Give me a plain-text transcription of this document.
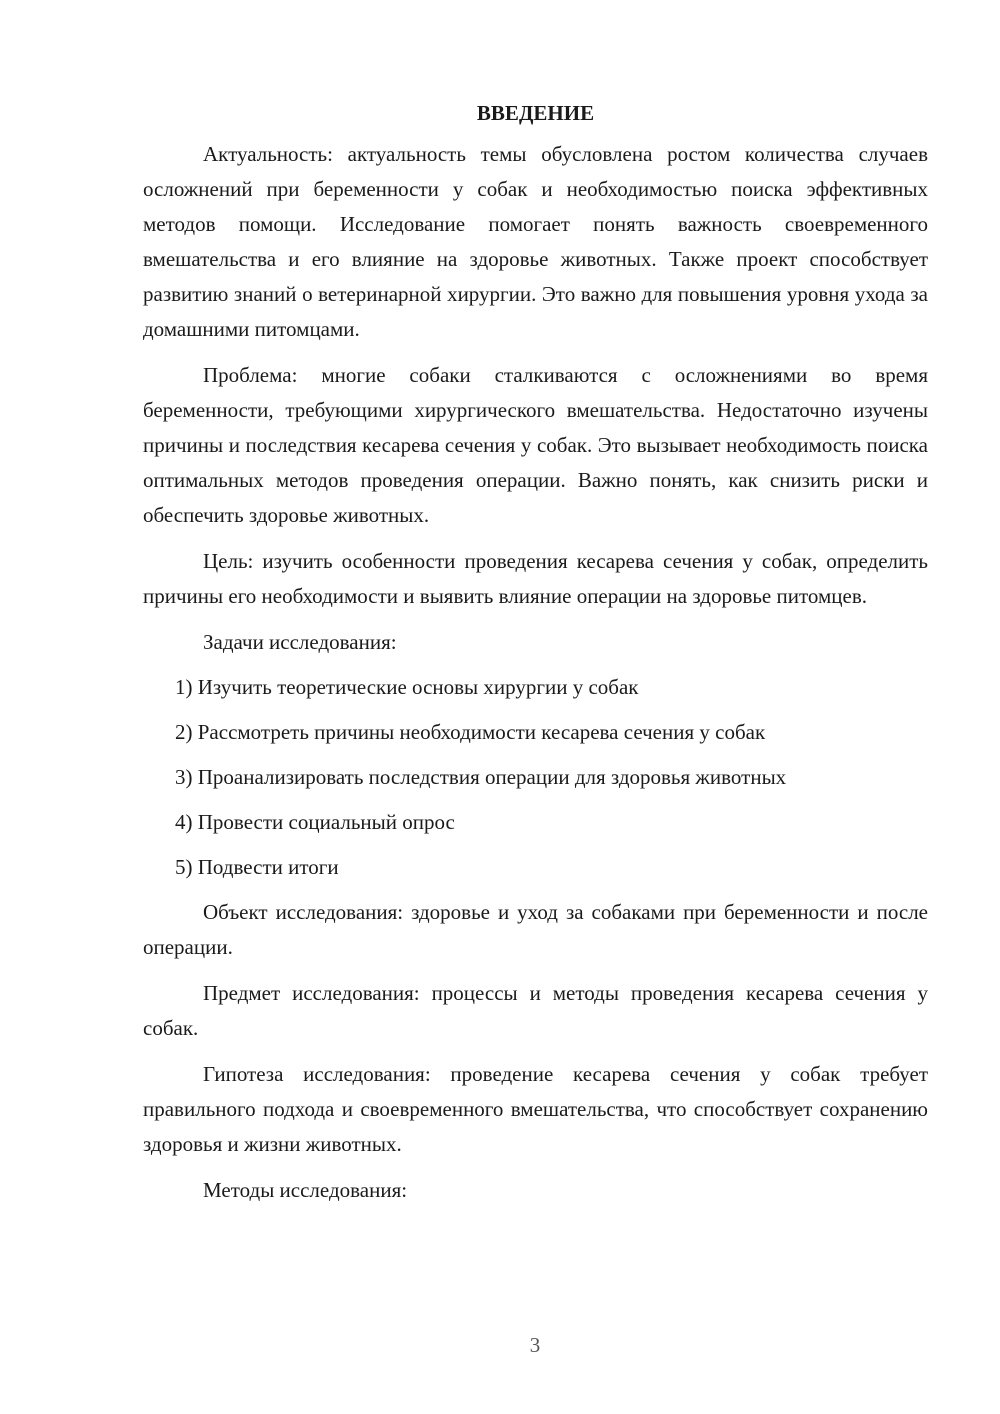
ВВЕДЕНИЕ

Актуальность: актуальность темы обусловлена ростом количества случаев осложнений при беременности у собак и необходимостью поиска эффективных методов помощи. Исследование помогает понять важность своевременного вмешательства и его влияние на здоровье животных. Также проект способствует развитию знаний о ветеринарной хирургии. Это важно для повышения уровня ухода за домашними питомцами.

Проблема: многие собаки сталкиваются с осложнениями во время беременности, требующими хирургического вмешательства. Недостаточно изучены причины и последствия кесарева сечения у собак. Это вызывает необходимость поиска оптимальных методов проведения операции. Важно понять, как снизить риски и обеспечить здоровье животных.

Цель: изучить особенности проведения кесарева сечения у собак, определить причины его необходимости и выявить влияние операции на здоровье питомцев.

Задачи исследования:

1) Изучить теоретические основы хирургии у собак

2) Рассмотреть причины необходимости кесарева сечения у собак

3) Проанализировать последствия операции для здоровья животных

4) Провести социальный опрос

5) Подвести итоги

Объект исследования: здоровье и уход за собаками при беременности и после операции.

Предмет исследования: процессы и методы проведения кесарева сечения у собак.

Гипотеза исследования: проведение кесарева сечения у собак требует правильного подхода и своевременного вмешательства, что способствует сохранению здоровья и жизни животных.

Методы исследования:

3
